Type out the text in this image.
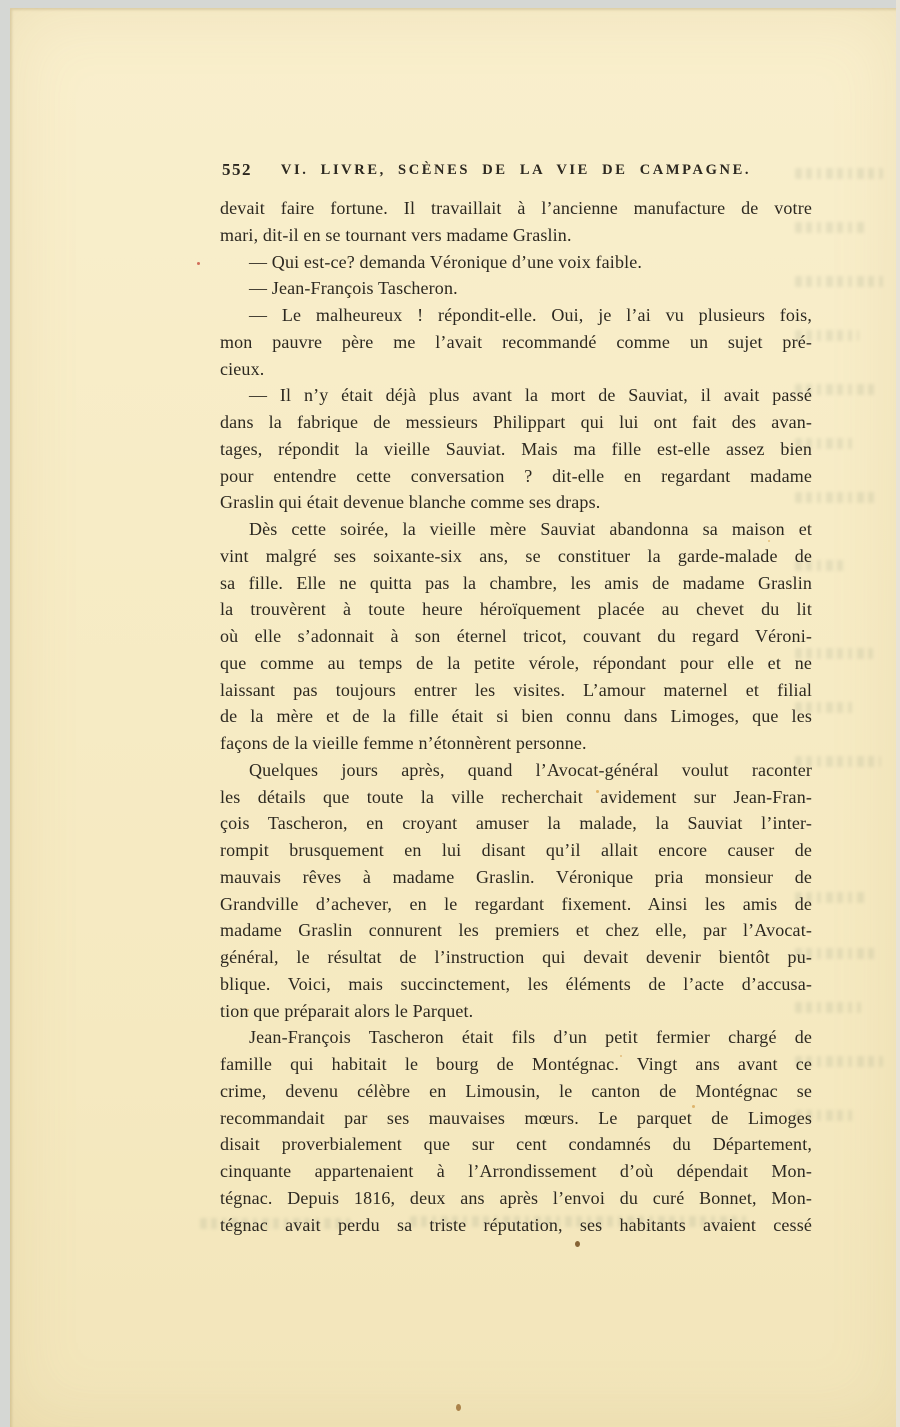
552	VI. LIVRE, SCÈNES DE LA VIE DE CAMPAGNE.
devait faire fortune. Il travaillait à l’ancienne manufacture de votre
mari, dit-il en se tournant vers madame Graslin.
— Qui est-ce? demanda Véronique d’une voix faible.
— Jean-François Tascheron.
— Le malheureux ! répondit-elle. Oui, je l’ai vu plusieurs fois,
mon pauvre père me l’avait recommandé comme un sujet pré-
cieux.
— Il n’y était déjà plus avant la mort de Sauviat, il avait passé
dans la fabrique de messieurs Philippart qui lui ont fait des avan-
tages, répondit la vieille Sauviat. Mais ma fille est-elle assez bien
pour entendre cette conversation ? dit-elle en regardant madame
Graslin qui était devenue blanche comme ses draps.
Dès cette soirée, la vieille mère Sauviat abandonna sa maison et
vint malgré ses soixante-six ans, se constituer la garde-malade de
sa fille. Elle ne quitta pas la chambre, les amis de madame Graslin
la trouvèrent à toute heure héroïquement placée au chevet du lit
où elle s’adonnait à son éternel tricot, couvant du regard Véroni-
que comme au temps de la petite vérole, répondant pour elle et ne
laissant pas toujours entrer les visites. L’amour maternel et filial
de la mère et de la fille était si bien connu dans Limoges, que les
façons de la vieille femme n’étonnèrent personne.
Quelques jours après, quand l’Avocat-général voulut raconter
les détails que toute la ville recherchait avidement sur Jean-Fran-
çois Tascheron, en croyant amuser la malade, la Sauviat l’inter-
rompit brusquement en lui disant qu’il allait encore causer de
mauvais rêves à madame Graslin. Véronique pria monsieur de
Grandville d’achever, en le regardant fixement. Ainsi les amis de
madame Graslin connurent les premiers et chez elle, par l’Avocat-
général, le résultat de l’instruction qui devait devenir bientôt pu-
blique. Voici, mais succinctement, les éléments de l’acte d’accusa-
tion que préparait alors le Parquet.
Jean-François Tascheron était fils d’un petit fermier chargé de
famille qui habitait le bourg de Montégnac. Vingt ans avant ce
crime, devenu célèbre en Limousin, le canton de Montégnac se
recommandait par ses mauvaises mœurs. Le parquet de Limoges
disait proverbialement que sur cent condamnés du Département,
cinquante appartenaient à l’Arrondissement d’où dépendait Mon-
tégnac. Depuis 1816, deux ans après l’envoi du curé Bonnet, Mon-
tégnac avait perdu sa triste réputation, ses habitants avaient cessé
